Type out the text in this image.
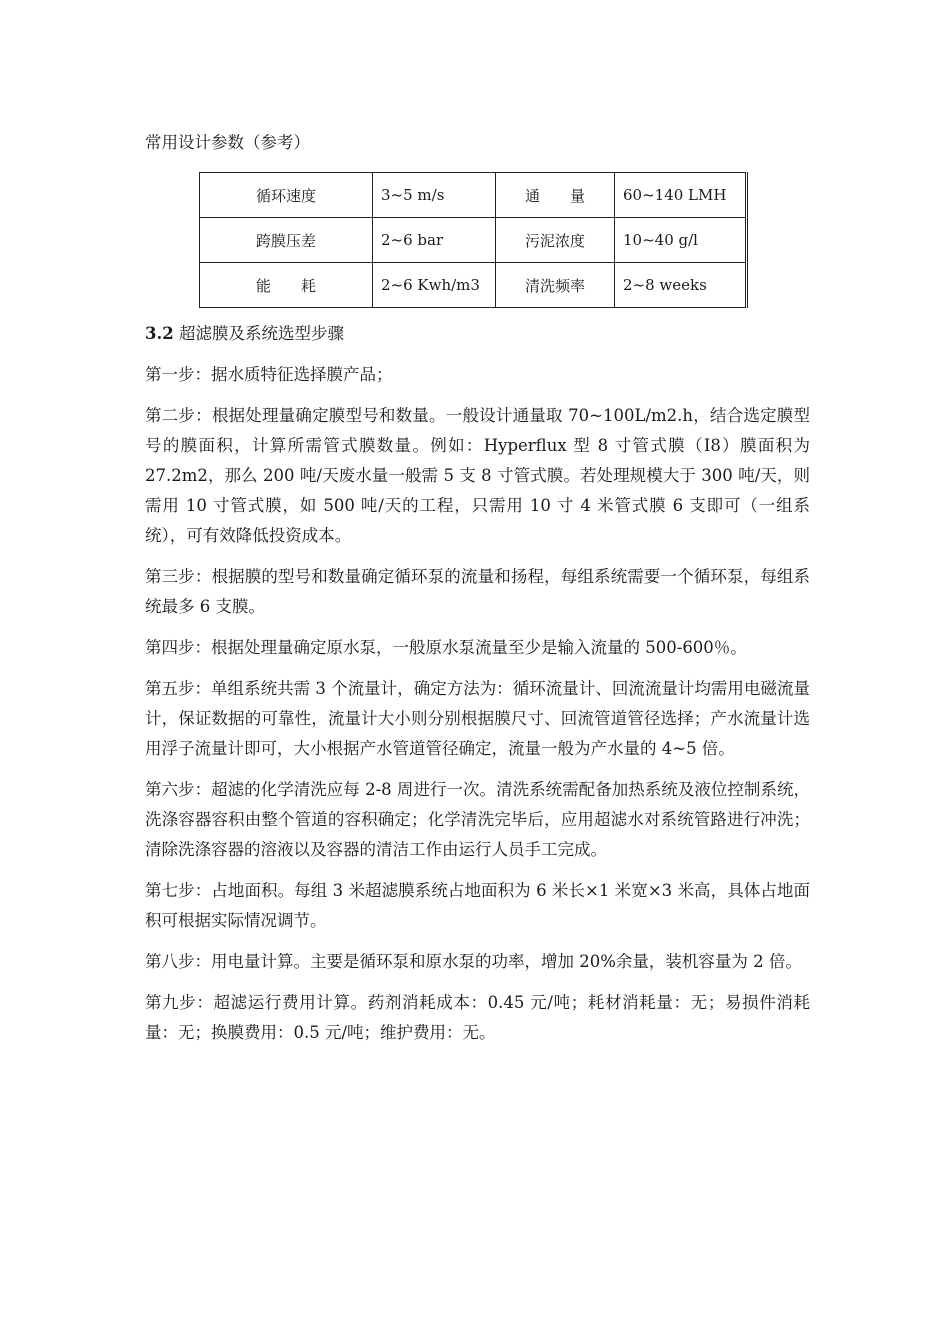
常用设计参数（参考）
循环速度	3~5 m/s	通　　量	60~140 LMH
跨膜压差	2~6 bar	污泥浓度	10~40 g/l
能　　耗	2~6 Kwh/m3	清洗频率	2~8 weeks
3.2 超滤膜及系统选型步骤

第一步：据水质特征选择膜产品；

第二步：根据处理量确定膜型号和数量。一般设计通量取 70~100L/m2.h，结合选定膜型号的膜面积，计算所需管式膜数量。例如：Hyperflux 型 8 寸管式膜（I8）膜面积为 27.2m2，那么 200 吨/天废水量一般需 5 支 8 寸管式膜。若处理规模大于 300 吨/天，则需用 10 寸管式膜，如 500 吨/天的工程，只需用 10 寸 4 米管式膜 6 支即可（一组系统），可有效降低投资成本。

第三步：根据膜的型号和数量确定循环泵的流量和扬程，每组系统需要一个循环泵，每组系统最多 6 支膜。

第四步：根据处理量确定原水泵，一般原水泵流量至少是输入流量的 500-600％。

第五步：单组系统共需 3 个流量计，确定方法为：循环流量计、回流流量计均需用电磁流量计，保证数据的可靠性，流量计大小则分别根据膜尺寸、回流管道管径选择；产水流量计选用浮子流量计即可，大小根据产水管道管径确定，流量一般为产水量的 4~5 倍。

第六步：超滤的化学清洗应每 2-8 周进行一次。清洗系统需配备加热系统及液位控制系统，洗涤容器容积由整个管道的容积确定；化学清洗完毕后，应用超滤水对系统管路进行冲洗；清除洗涤容器的溶液以及容器的清洁工作由运行人员手工完成。

第七步：占地面积。每组 3 米超滤膜系统占地面积为 6 米长×1 米宽×3 米高，具体占地面积可根据实际情况调节。

第八步：用电量计算。主要是循环泵和原水泵的功率，增加 20%余量，装机容量为 2 倍。

第九步：超滤运行费用计算。药剂消耗成本：0.45 元/吨；耗材消耗量：无；易损件消耗量：无；换膜费用：0.5 元/吨；维护费用：无。
